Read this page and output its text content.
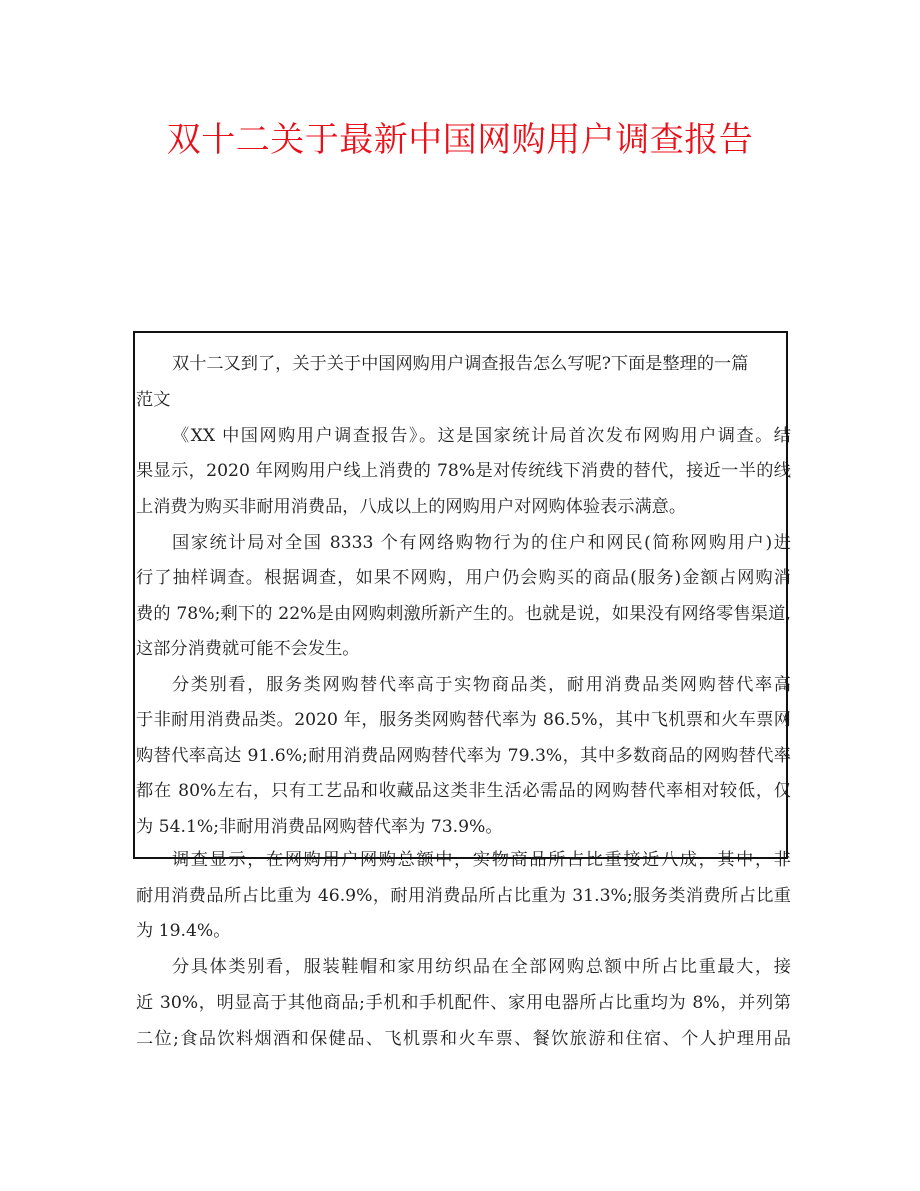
双十二关于最新中国网购用户调查报告
双十二又到了，关于关于中国网购用户调查报告怎么写呢?下面是整理的一篇
范文
《XX 中国网购用户调查报告》。这是国家统计局首次发布网购用户调查。结
果显示，2020 年网购用户线上消费的 78%是对传统线下消费的替代，接近一半的线
上消费为购买非耐用消费品，八成以上的网购用户对网购体验表示满意。
国家统计局对全国 8333 个有网络购物行为的住户和网民(简称网购用户)进
行了抽样调查。根据调查，如果不网购，用户仍会购买的商品(服务)金额占网购消
费的 78%;剩下的 22%是由网购刺激所新产生的。也就是说，如果没有网络零售渠道,
这部分消费就可能不会发生。
分类别看，服务类网购替代率高于实物商品类，耐用消费品类网购替代率高
于非耐用消费品类。2020 年，服务类网购替代率为 86.5%，其中飞机票和火车票网
购替代率高达 91.6%;耐用消费品网购替代率为 79.3%，其中多数商品的网购替代率
都在 80%左右，只有工艺品和收藏品这类非生活必需品的网购替代率相对较低，仅
为 54.1%;非耐用消费品网购替代率为 73.9%。
调查显示，在网购用户网购总额中，实物商品所占比重接近八成，其中，非
耐用消费品所占比重为 46.9%，耐用消费品所占比重为 31.3%;服务类消费所占比重
为 19.4%。
分具体类别看，服装鞋帽和家用纺织品在全部网购总额中所占比重最大，接
近 30%，明显高于其他商品;手机和手机配件、家用电器所占比重均为 8%，并列第
二位;食品饮料烟酒和保健品、飞机票和火车票、餐饮旅游和住宿、个人护理用品
